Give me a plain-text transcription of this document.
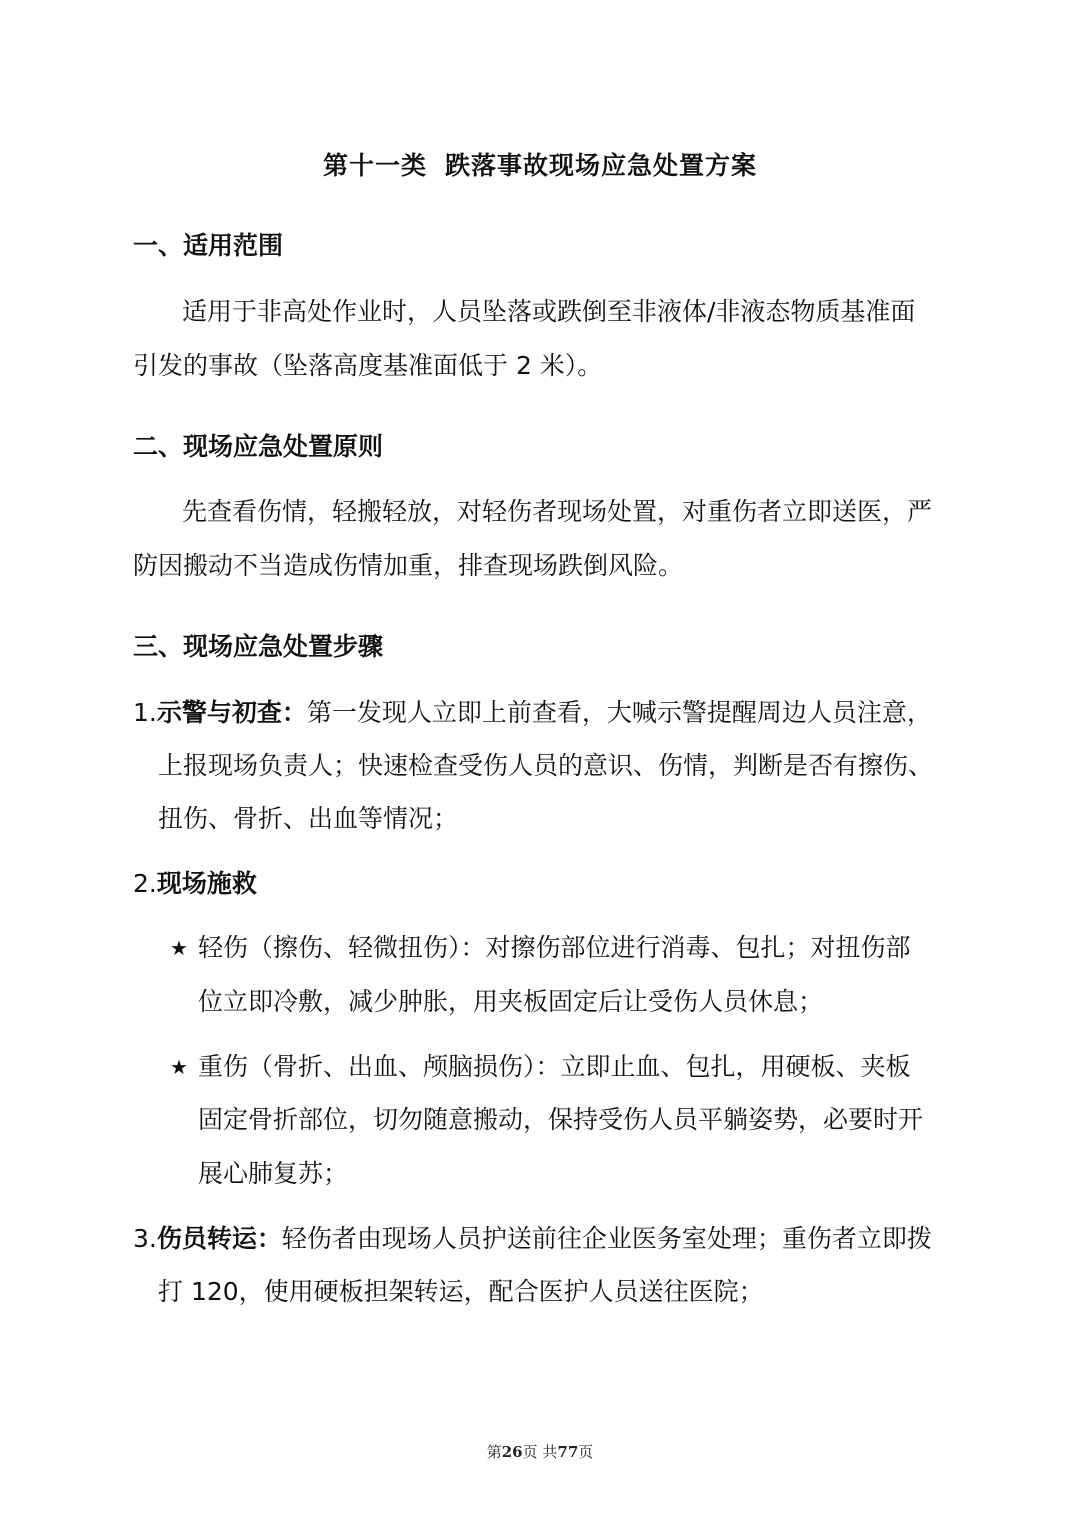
第十一类 跌落事故现场应急处置方案
一、适用范围
适用于非高处作业时，人员坠落或跌倒至非液体/非液态物质基准面
引发的事故（坠落高度基准面低于 2 米）。
二、现场应急处置原则
先查看伤情，轻搬轻放，对轻伤者现场处置，对重伤者立即送医，严
防因搬动不当造成伤情加重，排查现场跌倒风险。
三、现场应急处置步骤
1.示警与初查：第一发现人立即上前查看，大喊示警提醒周边人员注意，
上报现场负责人；快速检查受伤人员的意识、伤情，判断是否有擦伤、
扭伤、骨折、出血等情况；
2.现场施救
★ 轻伤（擦伤、轻微扭伤）：对擦伤部位进行消毒、包扎；对扭伤部
位立即冷敷，减少肿胀，用夹板固定后让受伤人员休息；
★ 重伤（骨折、出血、颅脑损伤）：立即止血、包扎，用硬板、夹板
固定骨折部位，切勿随意搬动，保持受伤人员平躺姿势，必要时开
展心肺复苏；
3.伤员转运：轻伤者由现场人员护送前往企业医务室处理；重伤者立即拨
打 120，使用硬板担架转运，配合医护人员送往医院；
第26页 共77页
